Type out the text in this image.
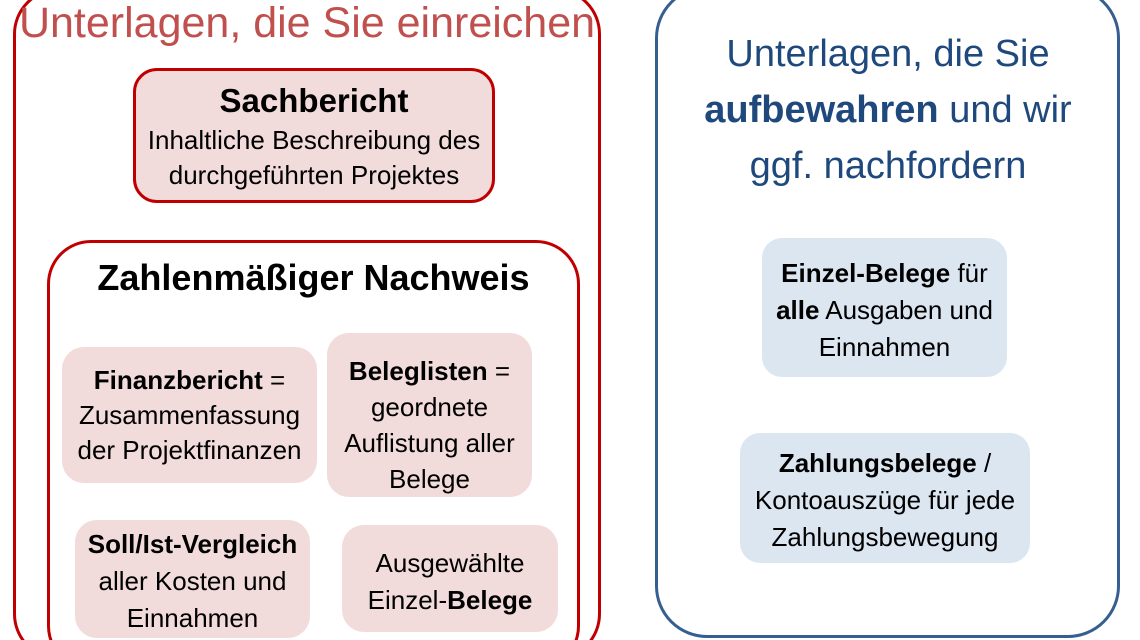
Unterlagen, die Sie einreichen
Sachbericht
Inhaltliche Beschreibung des
durchgeführten Projektes
Zahlenmäßiger Nachweis
Finanzbericht =
Zusammenfassung
der Projektfinanzen
Beleglisten =
geordnete
Auflistung aller
Belege
Soll/Ist-Vergleich
aller Kosten und
Einnahmen
Ausgewählte
Einzel-Belege
Unterlagen, die Sie
aufbewahren und wir
ggf. nachfordern
Einzel-Belege für
alle Ausgaben und
Einnahmen
Zahlungsbelege /
Kontoauszüge für jede
Zahlungsbewegung
